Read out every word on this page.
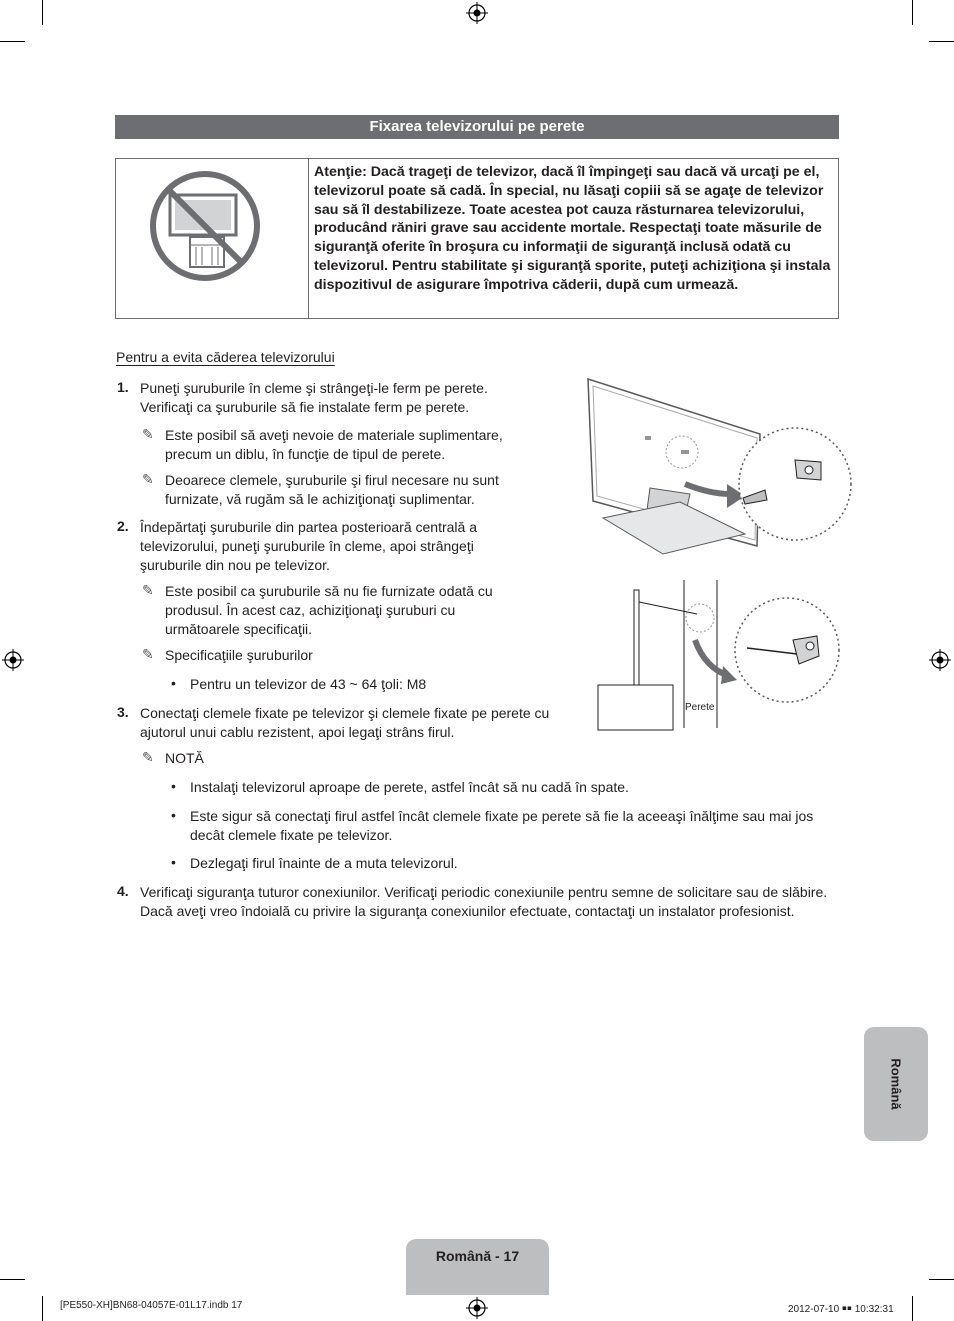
Fixarea televizorului pe perete
Atenţie: Dacă trageţi de televizor, dacă îl împingeţi sau dacă vă urcaţi pe el, televizorul poate să cadă. În special, nu lăsaţi copiii să se agaţe de televizor sau să îl destabilizeze. Toate acestea pot cauza răsturnarea televizorului, producând răniri grave sau accidente mortale. Respectaţi toate măsurile de siguranţă oferite în broşura cu informaţii de siguranţă inclusă odată cu televizorul. Pentru stabilitate şi siguranţă sporite, puteţi achiziţiona şi instala dispozitivul de asigurare împotriva căderii, după cum urmează.
Pentru a evita căderea televizorului
1. Puneţi şuruburile în cleme şi strângeţi-le ferm pe perete. Verificaţi ca şuruburile să fie instalate ferm pe perete.
✎ Este posibil să aveţi nevoie de materiale suplimentare, precum un diblu, în funcţie de tipul de perete.
✎ Deoarece clemele, şuruburile şi firul necesare nu sunt furnizate, vă rugăm să le achiziţionaţi suplimentar.
2. Îndepărtaţi şuruburile din partea posterioară centrală a televizorului, puneţi şuruburile în cleme, apoi strângeţi şuruburile din nou pe televizor.
✎ Este posibil ca şuruburile să nu fie furnizate odată cu produsul. În acest caz, achiziţionaţi şuruburi cu următoarele specificaţii.
✎ Specificaţiile şuruburilor
• Pentru un televizor de 43 ~ 64 ţoli: M8
3. Conectaţi clemele fixate pe televizor şi clemele fixate pe perete cu ajutorul unui cablu rezistent, apoi legaţi strâns firul.
✎ NOTĂ
• Instalaţi televizorul aproape de perete, astfel încât să nu cadă în spate.
• Este sigur să conectaţi firul astfel încât clemele fixate pe perete să fie la aceeaşi înălţime sau mai jos decât clemele fixate pe televizor.
• Dezlegaţi firul înainte de a muta televizorul.
4. Verificaţi siguranţa tuturor conexiunilor. Verificaţi periodic conexiunile pentru semne de solicitare sau de slăbire. Dacă aveţi vreo îndoială cu privire la siguranţa conexiunilor efectuate, contactaţi un instalator profesionist.
Perete
Română
Română - 17
[PE550-XH]BN68-04057E-01L17.indb 17	2012-07-10 ￭￭ 10:32:31
